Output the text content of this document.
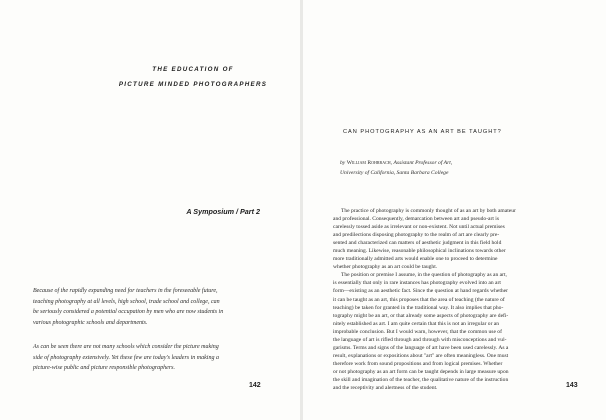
THE EDUCATION OF
PICTURE MINDED PHOTOGRAPHERS
A Symposium / Part 2

Because of the rapidly expanding need for teachers in the foreseeable future,

teaching photography at all levels, high school, trade school and college, can

be seriously considered a potential occupation by men who are now students in

various photographic schools and departments.

As can be seen there are not many schools which consider the picture making

side of photography extensively. Yet these few are today's leaders in making a

picture-wise public and picture responsible photographers.

142
CAN PHOTOGRAPHY AS AN ART BE TAUGHT?

by William Rohrbach, Assistant Professor of Art,

University of California, Santa Barbara College

The practice of photography is commonly thought of as an art by both amateur

and professional. Consequently, demarcation between art and pseudo-art is

carelessly tossed aside as irrelevant or non-existent. Not until actual premises

and predilections disposing photography to the realm of art are clearly pre-

sented and characterized can matters of aesthetic judgment in this field hold

much meaning. Likewise, reasonable philosophical inclinations towards other

more traditionally admitted arts would enable one to proceed to determine

whether photography as an art could be taught.

The position or premise I assume, in the question of photography as an art,

is essentially that only in rare instances has photography evolved into an art

form—existing as an aesthetic fact. Since the question at hand regards whether

it can be taught as an art, this proposes that the area of teaching (the nature of

teaching) be taken for granted in the traditional way. It also implies that pho-

tography might be an art, or that already some aspects of photography are defi-

nitely established as art. I am quite certain that this is not an irregular or an

improbable conclusion. But I would warn, however, that the common use of

the language of art is rifled through and through with misconceptions and vul-

garisms. Terms and signs of the language of art have been used carelessly. As a

result, explanations or expositions about "art" are often meaningless. One must

therefore work from sound propositions and from logical premises. Whether

or not photography as an art form can be taught depends in large measure upon

the skill and imagination of the teacher, the qualitative nature of the instruction

and the receptivity and alertness of the student.	143
